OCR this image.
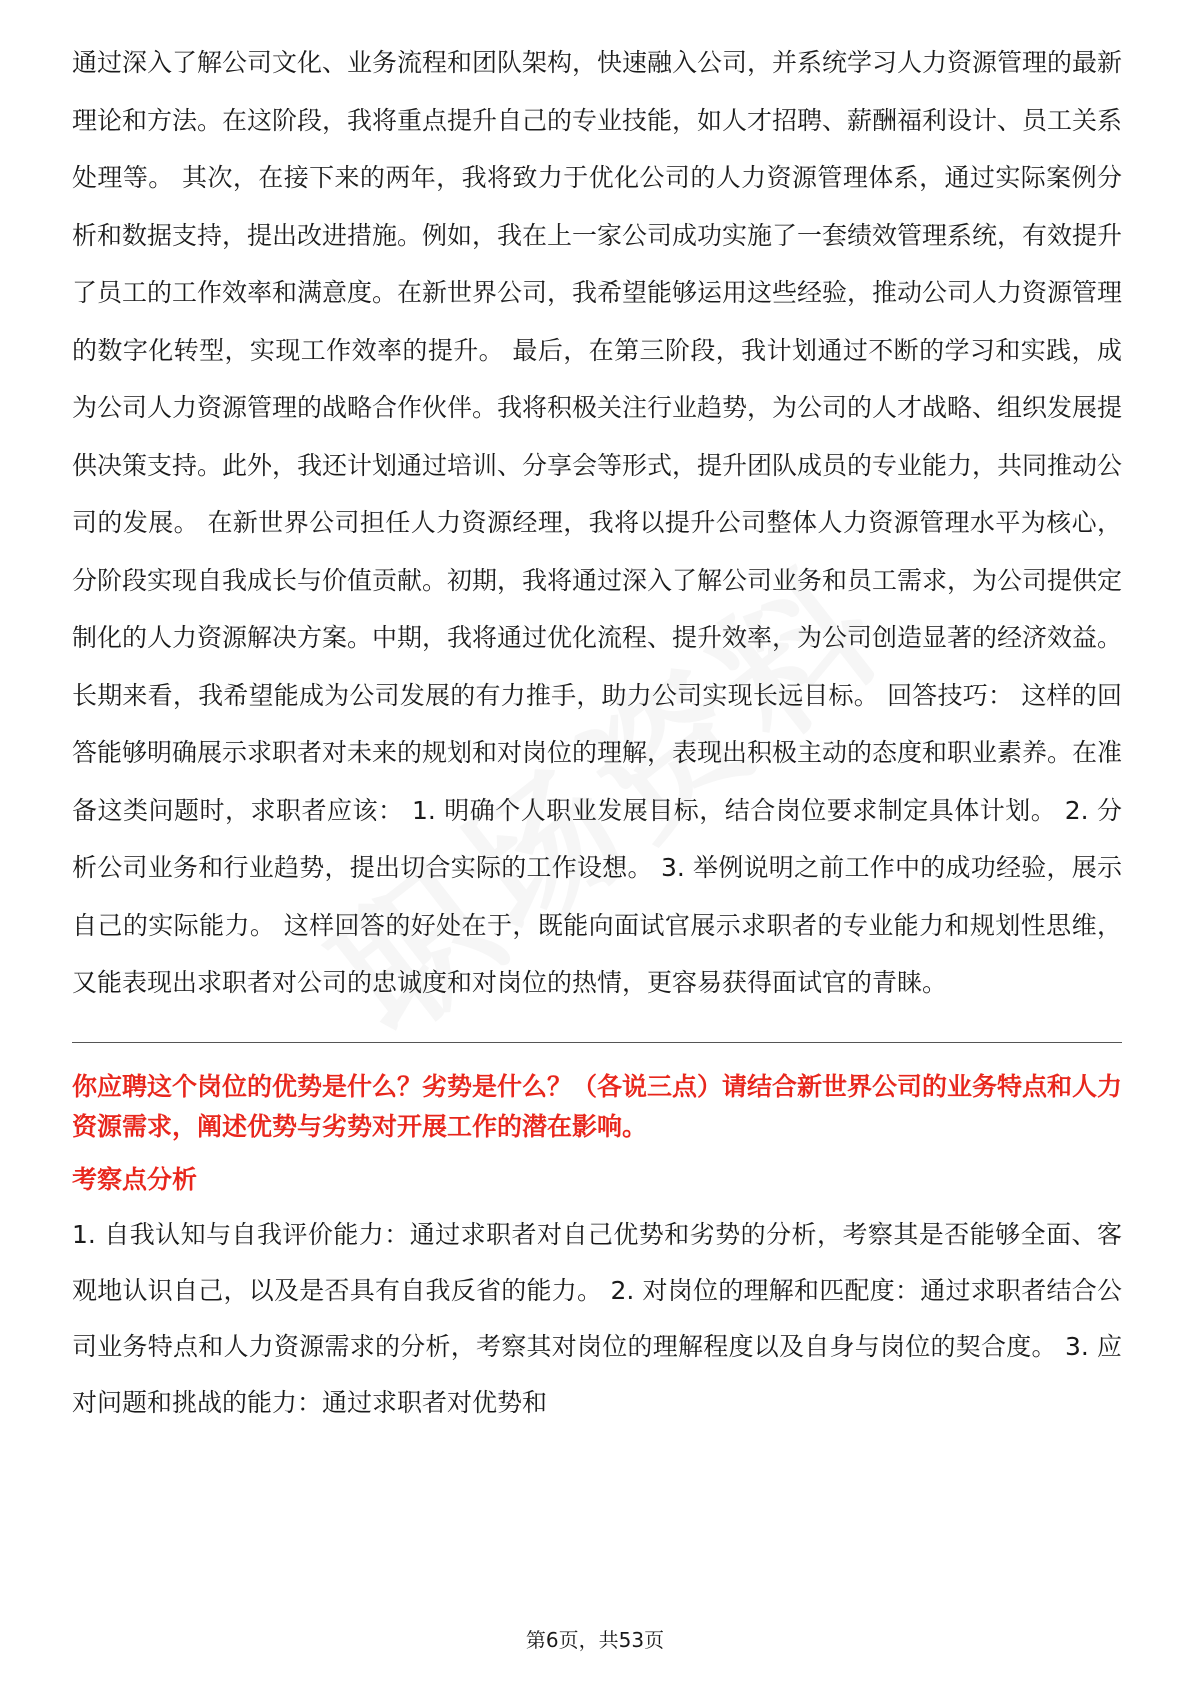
通过深入了解公司文化、业务流程和团队架构，快速融入公司，并系统学习人力资源管理的最新理论和方法。在这阶段，我将重点提升自己的专业技能，如人才招聘、薪酬福利设计、员工关系处理等。 其次，在接下来的两年，我将致力于优化公司的人力资源管理体系，通过实际案例分析和数据支持，提出改进措施。例如，我在上一家公司成功实施了一套绩效管理系统，有效提升了员工的工作效率和满意度。在新世界公司，我希望能够运用这些经验，推动公司人力资源管理的数字化转型，实现工作效率的提升。 最后，在第三阶段，我计划通过不断的学习和实践，成为公司人力资源管理的战略合作伙伴。我将积极关注行业趋势，为公司的人才战略、组织发展提供决策支持。此外，我还计划通过培训、分享会等形式，提升团队成员的专业能力，共同推动公司的发展。 在新世界公司担任人力资源经理，我将以提升公司整体人力资源管理水平为核心，分阶段实现自我成长与价值贡献。初期，我将通过深入了解公司业务和员工需求，为公司提供定制化的人力资源解决方案。中期，我将通过优化流程、提升效率，为公司创造显著的经济效益。长期来看，我希望能成为公司发展的有力推手，助力公司实现长远目标。 回答技巧： 这样的回答能够明确展示求职者对未来的规划和对岗位的理解，表现出积极主动的态度和职业素养。在准备这类问题时，求职者应该： 1. 明确个人职业发展目标，结合岗位要求制定具体计划。 2. 分析公司业务和行业趋势，提出切合实际的工作设想。 3. 举例说明之前工作中的成功经验，展示自己的实际能力。 这样回答的好处在于，既能向面试官展示求职者的专业能力和规划性思维，又能表现出求职者对公司的忠诚度和对岗位的热情，更容易获得面试官的青睐。

你应聘这个岗位的优势是什么？劣势是什么？（各说三点）请结合新世界公司的业务特点和人力资源需求，阐述优势与劣势对开展工作的潜在影响。

考察点分析

1. 自我认知与自我评价能力：通过求职者对自己优势和劣势的分析，考察其是否能够全面、客观地认识自己，以及是否具有自我反省的能力。 2. 对岗位的理解和匹配度：通过求职者结合公司业务特点和人力资源需求的分析，考察其对岗位的理解程度以及自身与岗位的契合度。 3. 应对问题和挑战的能力：通过求职者对优势和

第6页，共53页
